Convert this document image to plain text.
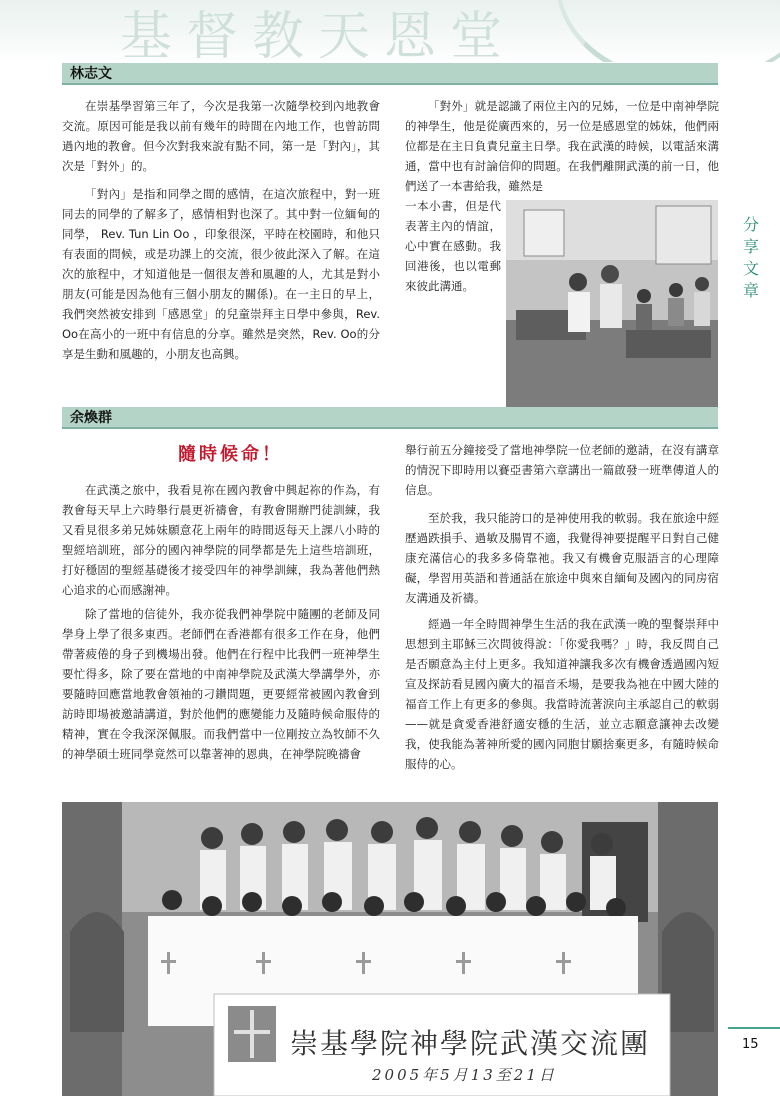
基督教天恩堂
林志文

在崇基學習第三年了，今次是我第一次隨學校到內地教會交流。原因可能是我以前有幾年的時間在內地工作，也曾訪問過內地的教會。但今次對我來說有點不同，第一是「對內」，其次是「對外」的。

「對內」是指和同學之間的感情，在這次旅程中，對一班同去的同學的了解多了，感情相對也深了。其中對一位緬甸的同學， Rev. Tun Lin Oo ，印象很深，平時在校園時，和他只有表面的問候，或是功課上的交流，很少彼此深入了解。在這次的旅程中，才知道他是一個很友善和風趣的人，尤其是對小朋友(可能是因為他有三個小朋友的關係)。在一主日的早上，我們突然被安排到「感恩堂」的兒童崇拜主日學中參與，Rev. Oo在高小的一班中有信息的分享。雖然是突然，Rev. Oo的分享是生動和風趣的，小朋友也高興。

「對外」就是認識了兩位主內的兄姊，一位是中南神學院的神學生，他是從廣西來的，另一位是感恩堂的姊妹，他們兩位都是在主日負責兒童主日學。我在武漢的時候，以電話來溝通，當中也有討論信仰的問題。在我們離開武漢的前一日，他們送了一本書給我，雖然是

一本小書，但是代表著主內的情誼，心中實在感動。我回港後，也以電郵來彼此溝通。

分
享
文
章
余煥群
隨時候命！

在武漢之旅中，我看見祢在國內教會中興起祢的作為，有教會每天早上六時舉行晨更祈禱會，有教會開辦門徒訓練，我又看見很多弟兄姊妹願意花上兩年的時間返每天上課八小時的聖經培訓班，部分的國內神學院的同學都是先上這些培訓班，打好穩固的聖經基礎後才接受四年的神學訓練，我為著他們熱心追求的心而感謝神。

除了當地的信徒外，我亦從我們神學院中隨團的老師及同學身上學了很多東西。老師們在香港都有很多工作在身，他們帶著疲倦的身子到機場出發。他們在行程中比我們一班神學生要忙得多，除了要在當地的中南神學院及武漢大學講學外，亦要隨時回應當地教會領袖的刁鑽問題，更要經常被國內教會到訪時即場被邀請講道，對於他們的應變能力及隨時候命服侍的精神，實在令我深深佩服。而我們當中一位剛按立為牧師不久的神學碩士班同學竟然可以靠著神的恩典，在神學院晚禱會

舉行前五分鐘接受了當地神學院一位老師的邀請，在沒有講章的情況下即時用以賽亞書第六章講出一篇啟發一班準傳道人的信息。

至於我，我只能誇口的是神使用我的軟弱。我在旅途中經歷過跌損手、過敏及腸胃不適，我覺得神要提醒平日對自己健康充滿信心的我多多倚靠祂。我又有機會克服語言的心理障礙，學習用英語和普通話在旅途中與來自緬甸及國內的同房宿友溝通及祈禱。

經過一年全時間神學生生活的我在武漢一晚的聖餐崇拜中思想到主耶穌三次問彼得說：「你愛我嗎？」時，我反問自己是否願意為主付上更多。我知道神讓我多次有機會透過國內短宣及探訪看見國內廣大的福音禾場，是要我為祂在中國大陸的福音工作上有更多的參與。我當時流著淚向主承認自己的軟弱——就是貪愛香港舒適安穩的生活，並立志願意讓神去改變我，使我能為著神所愛的國內同胞甘願捨棄更多，有隨時候命服侍的心。

崇基學院神學院武漢交流團
2005年5月13至21日
15
